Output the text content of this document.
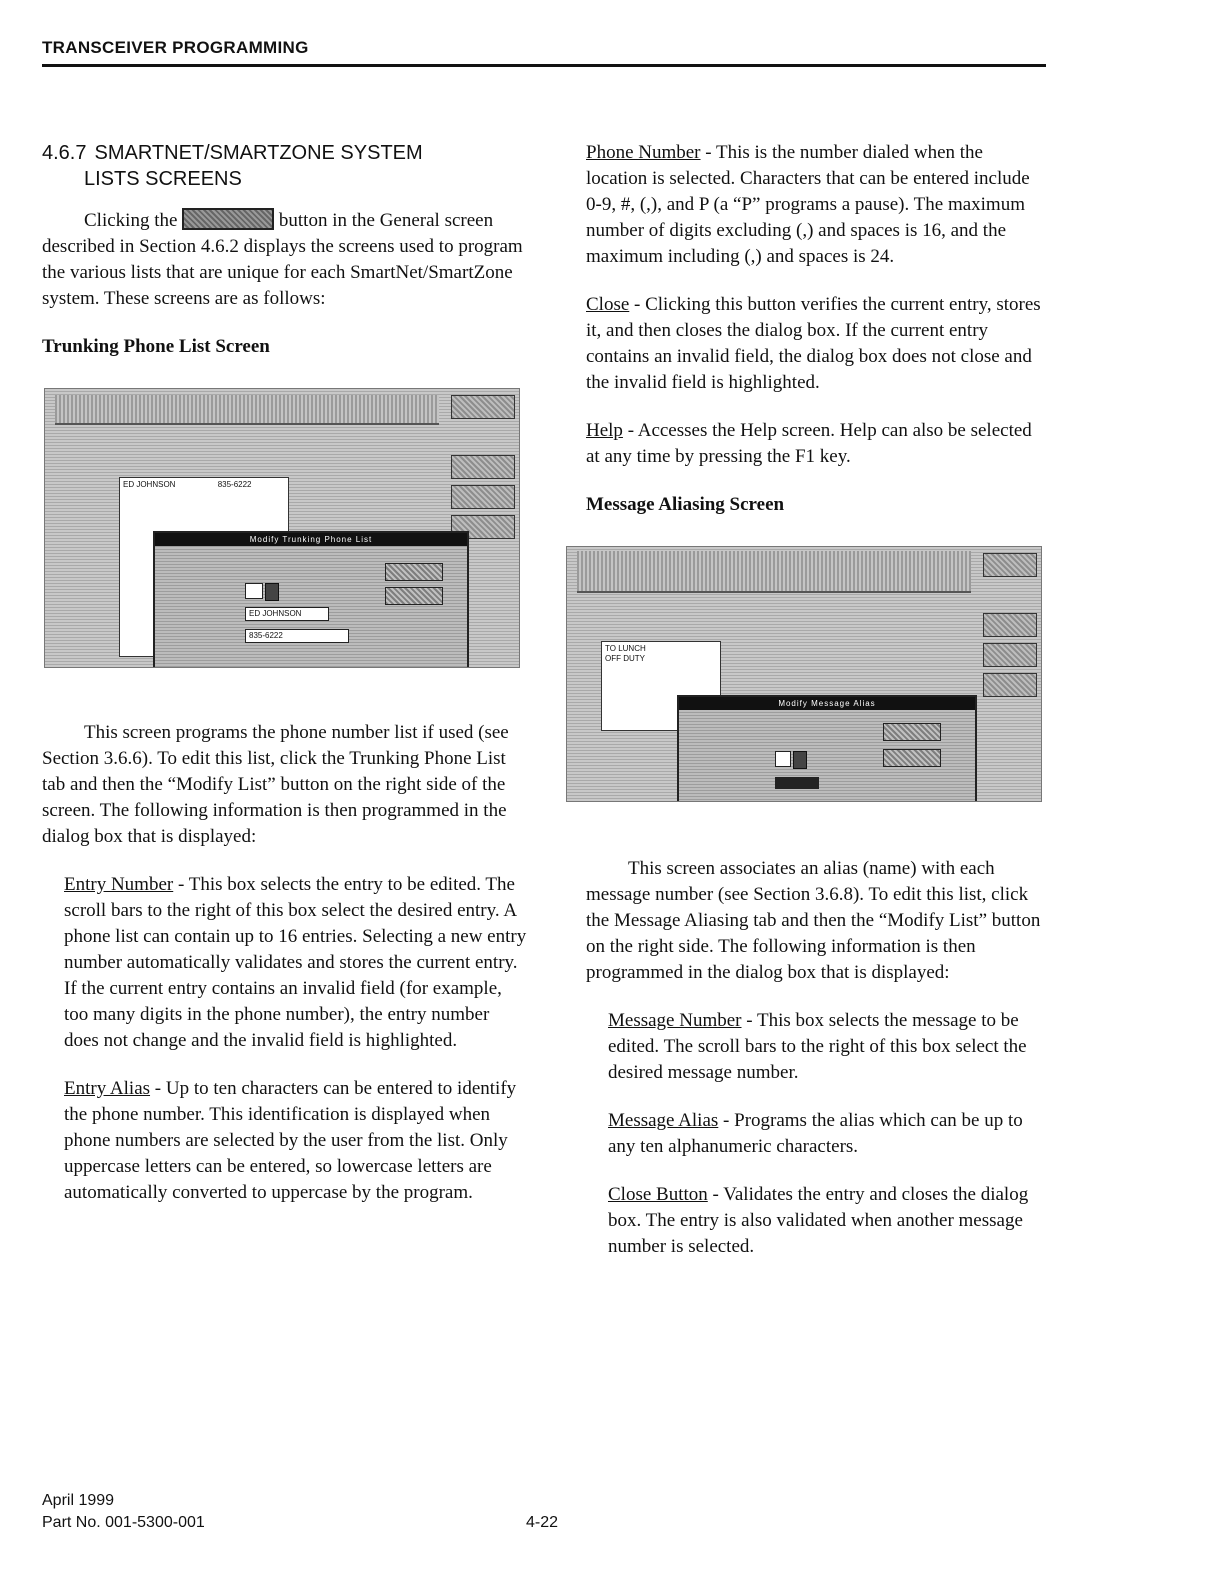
TRANSCEIVER PROGRAMMING
4.6.7 SMARTNET/SMARTZONE SYSTEM
LISTS SCREENS

Clicking the	button in the General screen described in Section 4.6.2 displays the screens used to program the various lists that are unique for each SmartNet/SmartZone system. These screens are as follows:

Trunking Phone List Screen

ED JOHNSON	835-6222
Modify Trunking Phone List
ED JOHNSON
835-6222

This screen programs the phone number list if used (see Section 3.6.6). To edit this list, click the Trunking Phone List tab and then the “Modify List” button on the right side of the screen. The following information is then programmed in the dialog box that is displayed:

Entry Number - This box selects the entry to be edited. The scroll bars to the right of this box select the desired entry. A phone list can contain up to 16 entries. Selecting a new entry number automatically validates and stores the current entry. If the current entry contains an invalid field (for example, too many digits in the phone number), the entry number does not change and the invalid field is highlighted.

Entry Alias - Up to ten characters can be entered to identify the phone number. This identification is displayed when phone numbers are selected by the user from the list. Only uppercase letters can be entered, so lowercase letters are automatically converted to uppercase by the program.

Phone Number - This is the number dialed when the location is selected. Characters that can be entered include 0-9, #, (,), and P (a “P” programs a pause). The maximum number of digits excluding (,) and spaces is 16, and the maximum including (,) and spaces is 24.

Close - Clicking this button verifies the current entry, stores it, and then closes the dialog box. If the current entry contains an invalid field, the dialog box does not close and the invalid field is highlighted.

Help - Accesses the Help screen. Help can also be selected at any time by pressing the F1 key.

Message Aliasing Screen

TO LUNCH
OFF DUTY
Modify Message Alias

This screen associates an alias (name) with each message number (see Section 3.6.8). To edit this list, click the Message Aliasing tab and then the “Modify List” button on the right side. The following information is then programmed in the dialog box that is displayed:

Message Number - This box selects the message to be edited. The scroll bars to the right of this box select the desired message number.

Message Alias - Programs the alias which can be up to any ten alphanumeric characters.

Close Button - Validates the entry and closes the dialog box. The entry is also validated when another message number is selected.

April 1999
Part No. 001-5300-001	4-22
